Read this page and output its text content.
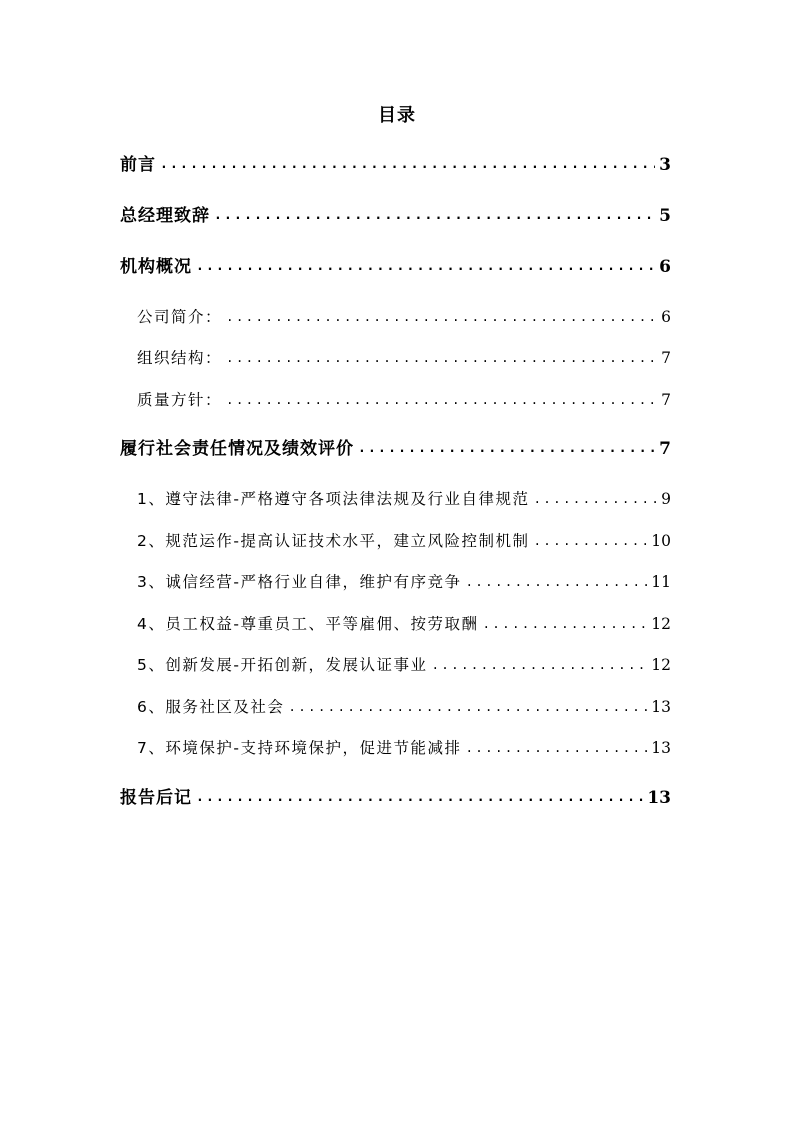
目录
前言 .....	3
总经理致辞 .....	5
机构概况 .....	6
公司简介： .....	6
组织结构： .....	7
质量方针： .....	7
履行社会责任情况及绩效评价 .....	7
1、遵守法律-严格遵守各项法律法规及行业自律规范 .....	9
2、规范运作-提高认证技术水平，建立风险控制机制 .....	10
3、诚信经营-严格行业自律，维护有序竞争 .....	11
4、员工权益-尊重员工、平等雇佣、按劳取酬 .....	12
5、创新发展-开拓创新，发展认证事业 .....	12
6、服务社区及社会 .....	13
7、环境保护-支持环境保护，促进节能减排 .....	13
报告后记 .....	13
